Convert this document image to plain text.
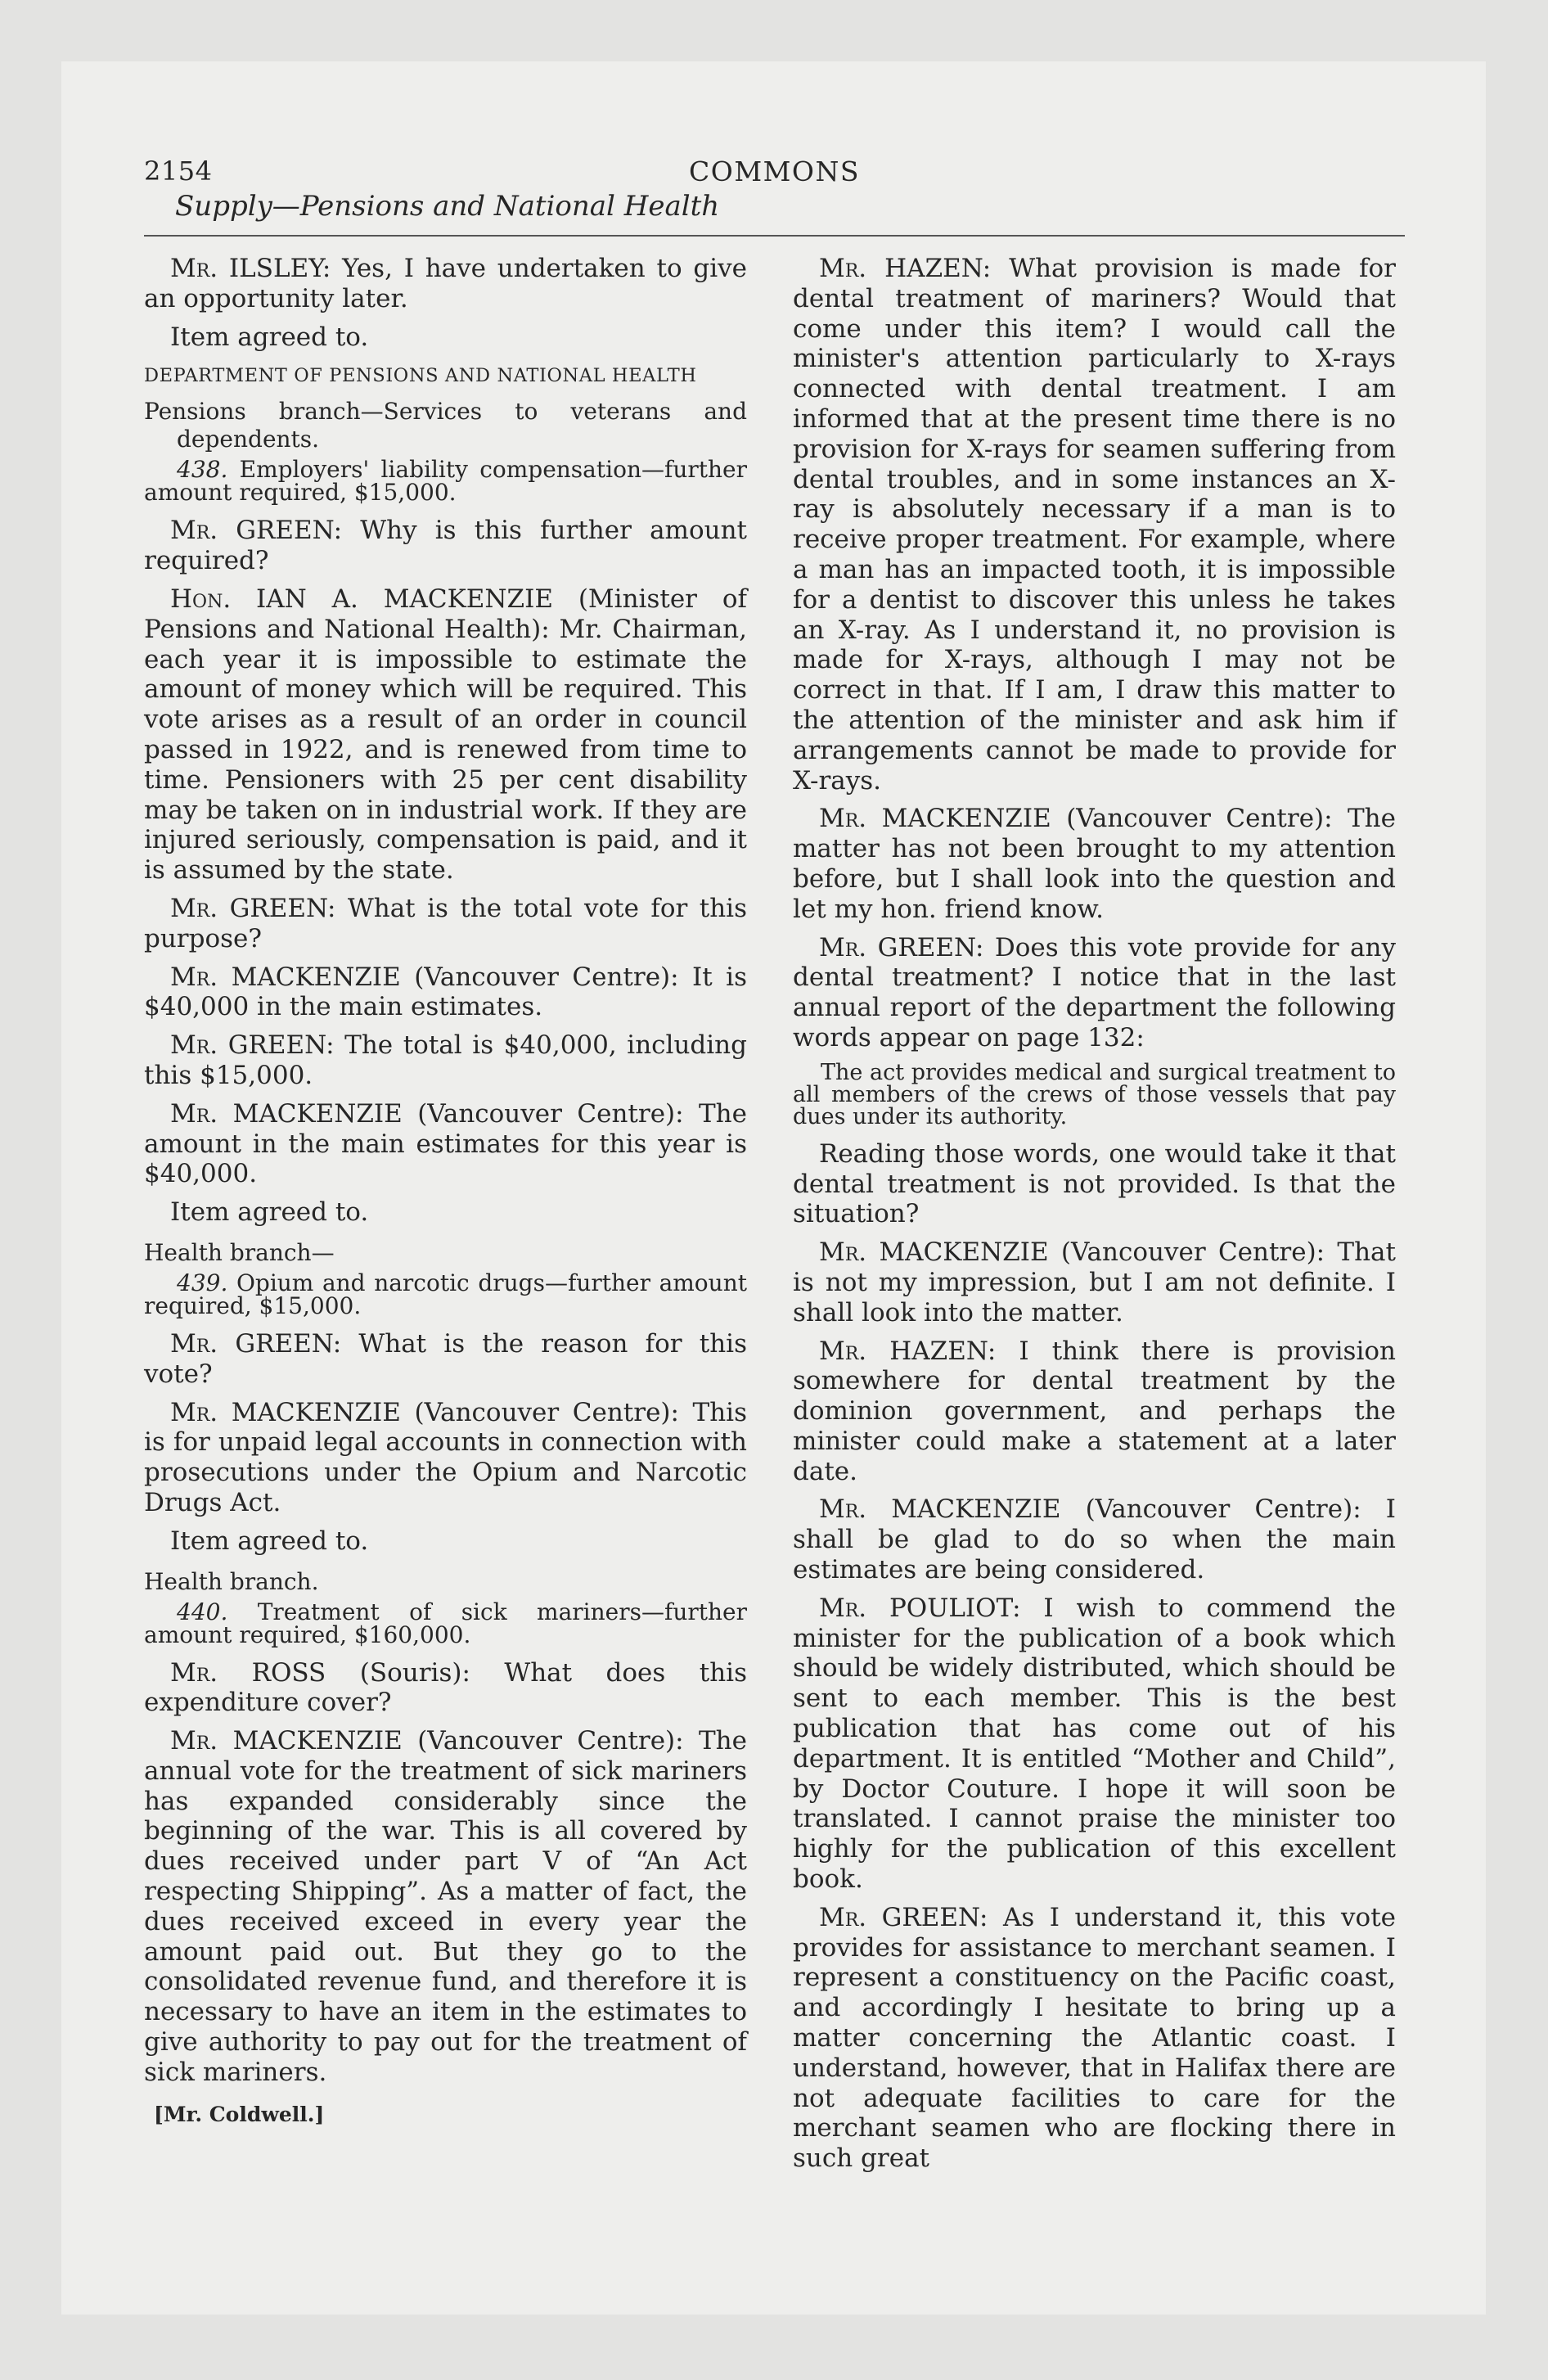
2154	COMMONS
Supply—Pensions and National Health

Mr. ILSLEY: Yes, I have undertaken to give an opportunity later.

Item agreed to.

DEPARTMENT OF PENSIONS AND NATIONAL HEALTH

Pensions branch—Services to veterans and dependents.

438. Employers' liability compensation—further amount required, $15,000.

Mr. GREEN: Why is this further amount required?

Hon. IAN A. MACKENZIE (Minister of Pensions and National Health): Mr. Chairman, each year it is impossible to estimate the amount of money which will be required. This vote arises as a result of an order in council passed in 1922, and is renewed from time to time. Pensioners with 25 per cent disability may be taken on in industrial work. If they are injured seriously, compensation is paid, and it is assumed by the state.

Mr. GREEN: What is the total vote for this purpose?

Mr. MACKENZIE (Vancouver Centre): It is $40,000 in the main estimates.

Mr. GREEN: The total is $40,000, including this $15,000.

Mr. MACKENZIE (Vancouver Centre): The amount in the main estimates for this year is $40,000.

Item agreed to.

Health branch—

439. Opium and narcotic drugs—further amount required, $15,000.

Mr. GREEN: What is the reason for this vote?

Mr. MACKENZIE (Vancouver Centre): This is for unpaid legal accounts in connection with prosecutions under the Opium and Narcotic Drugs Act.

Item agreed to.

Health branch.

440. Treatment of sick mariners—further amount required, $160,000.

Mr. ROSS (Souris): What does this expenditure cover?

Mr. MACKENZIE (Vancouver Centre): The annual vote for the treatment of sick mariners has expanded considerably since the beginning of the war. This is all covered by dues received under part V of “An Act respecting Shipping”. As a matter of fact, the dues received exceed in every year the amount paid out. But they go to the consolidated revenue fund, and therefore it is necessary to have an item in the estimates to give authority to pay out for the treatment of sick mariners.

[Mr. Coldwell.]

Mr. HAZEN: What provision is made for dental treatment of mariners? Would that come under this item? I would call the minister's attention particularly to X-rays connected with dental treatment. I am informed that at the present time there is no provision for X-rays for seamen suffering from dental troubles, and in some instances an X-ray is absolutely necessary if a man is to receive proper treatment. For example, where a man has an impacted tooth, it is impossible for a dentist to discover this unless he takes an X-ray. As I understand it, no provision is made for X-rays, although I may not be correct in that. If I am, I draw this matter to the attention of the minister and ask him if arrangements cannot be made to provide for X-rays.

Mr. MACKENZIE (Vancouver Centre): The matter has not been brought to my attention before, but I shall look into the question and let my hon. friend know.

Mr. GREEN: Does this vote provide for any dental treatment? I notice that in the last annual report of the department the following words appear on page 132:

The act provides medical and surgical treatment to all members of the crews of those vessels that pay dues under its authority.

Reading those words, one would take it that dental treatment is not provided. Is that the situation?

Mr. MACKENZIE (Vancouver Centre): That is not my impression, but I am not definite. I shall look into the matter.

Mr. HAZEN: I think there is provision somewhere for dental treatment by the dominion government, and perhaps the minister could make a statement at a later date.

Mr. MACKENZIE (Vancouver Centre): I shall be glad to do so when the main estimates are being considered.

Mr. POULIOT: I wish to commend the minister for the publication of a book which should be widely distributed, which should be sent to each member. This is the best publication that has come out of his department. It is entitled “Mother and Child”, by Doctor Couture. I hope it will soon be translated. I cannot praise the minister too highly for the publication of this excellent book.

Mr. GREEN: As I understand it, this vote provides for assistance to merchant seamen. I represent a constituency on the Pacific coast, and accordingly I hesitate to bring up a matter concerning the Atlantic coast. I understand, however, that in Halifax there are not adequate facilities to care for the merchant seamen who are flocking there in such great
